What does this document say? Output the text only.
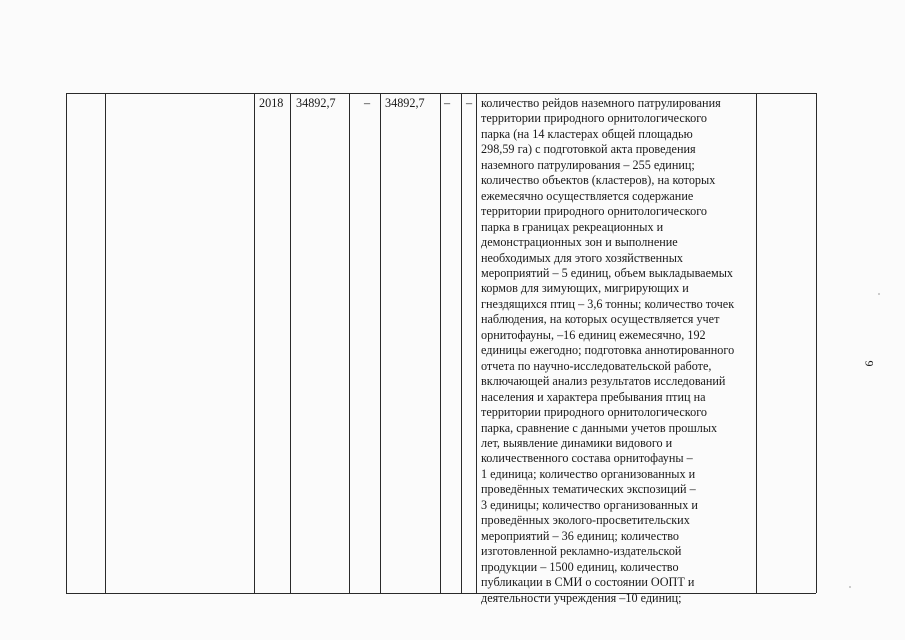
2018 34892,7 – 34892,7 – – количество рейдов наземного патрулирования
территории природного орнитологического
парка (на 14 кластерах общей площадью
298,59 га) с подготовкой акта проведения
наземного патрулирования – 255 единиц;
количество объектов (кластеров), на которых
ежемесячно осуществляется содержание
территории природного орнитологического
парка в границах рекреационных и
демонстрационных зон и выполнение
необходимых для этого хозяйственных
мероприятий – 5 единиц, объем выкладываемых
кормов для зимующих, мигрирующих и
гнездящихся птиц – 3,6 тонны; количество точек
наблюдения, на которых осуществляется учет
орнитофауны, –16 единиц ежемесячно, 192
единицы ежегодно; подготовка аннотированного
отчета по научно-исследовательской работе,
включающей анализ результатов исследований
населения и характера пребывания птиц на
территории природного орнитологического
парка, сравнение с данными учетов прошлых
лет, выявление динамики видового и
количественного состава орнитофауны –
1 единица; количество организованных и
проведённых тематических экспозиций –
3 единицы; количество организованных и
проведённых эколого-просветительских
мероприятий – 36 единиц; количество
изготовленной рекламно-издательской
продукции – 1500 единиц, количество
публикации в СМИ о состоянии ООПТ и
деятельности учреждения –10 единиц;
9
